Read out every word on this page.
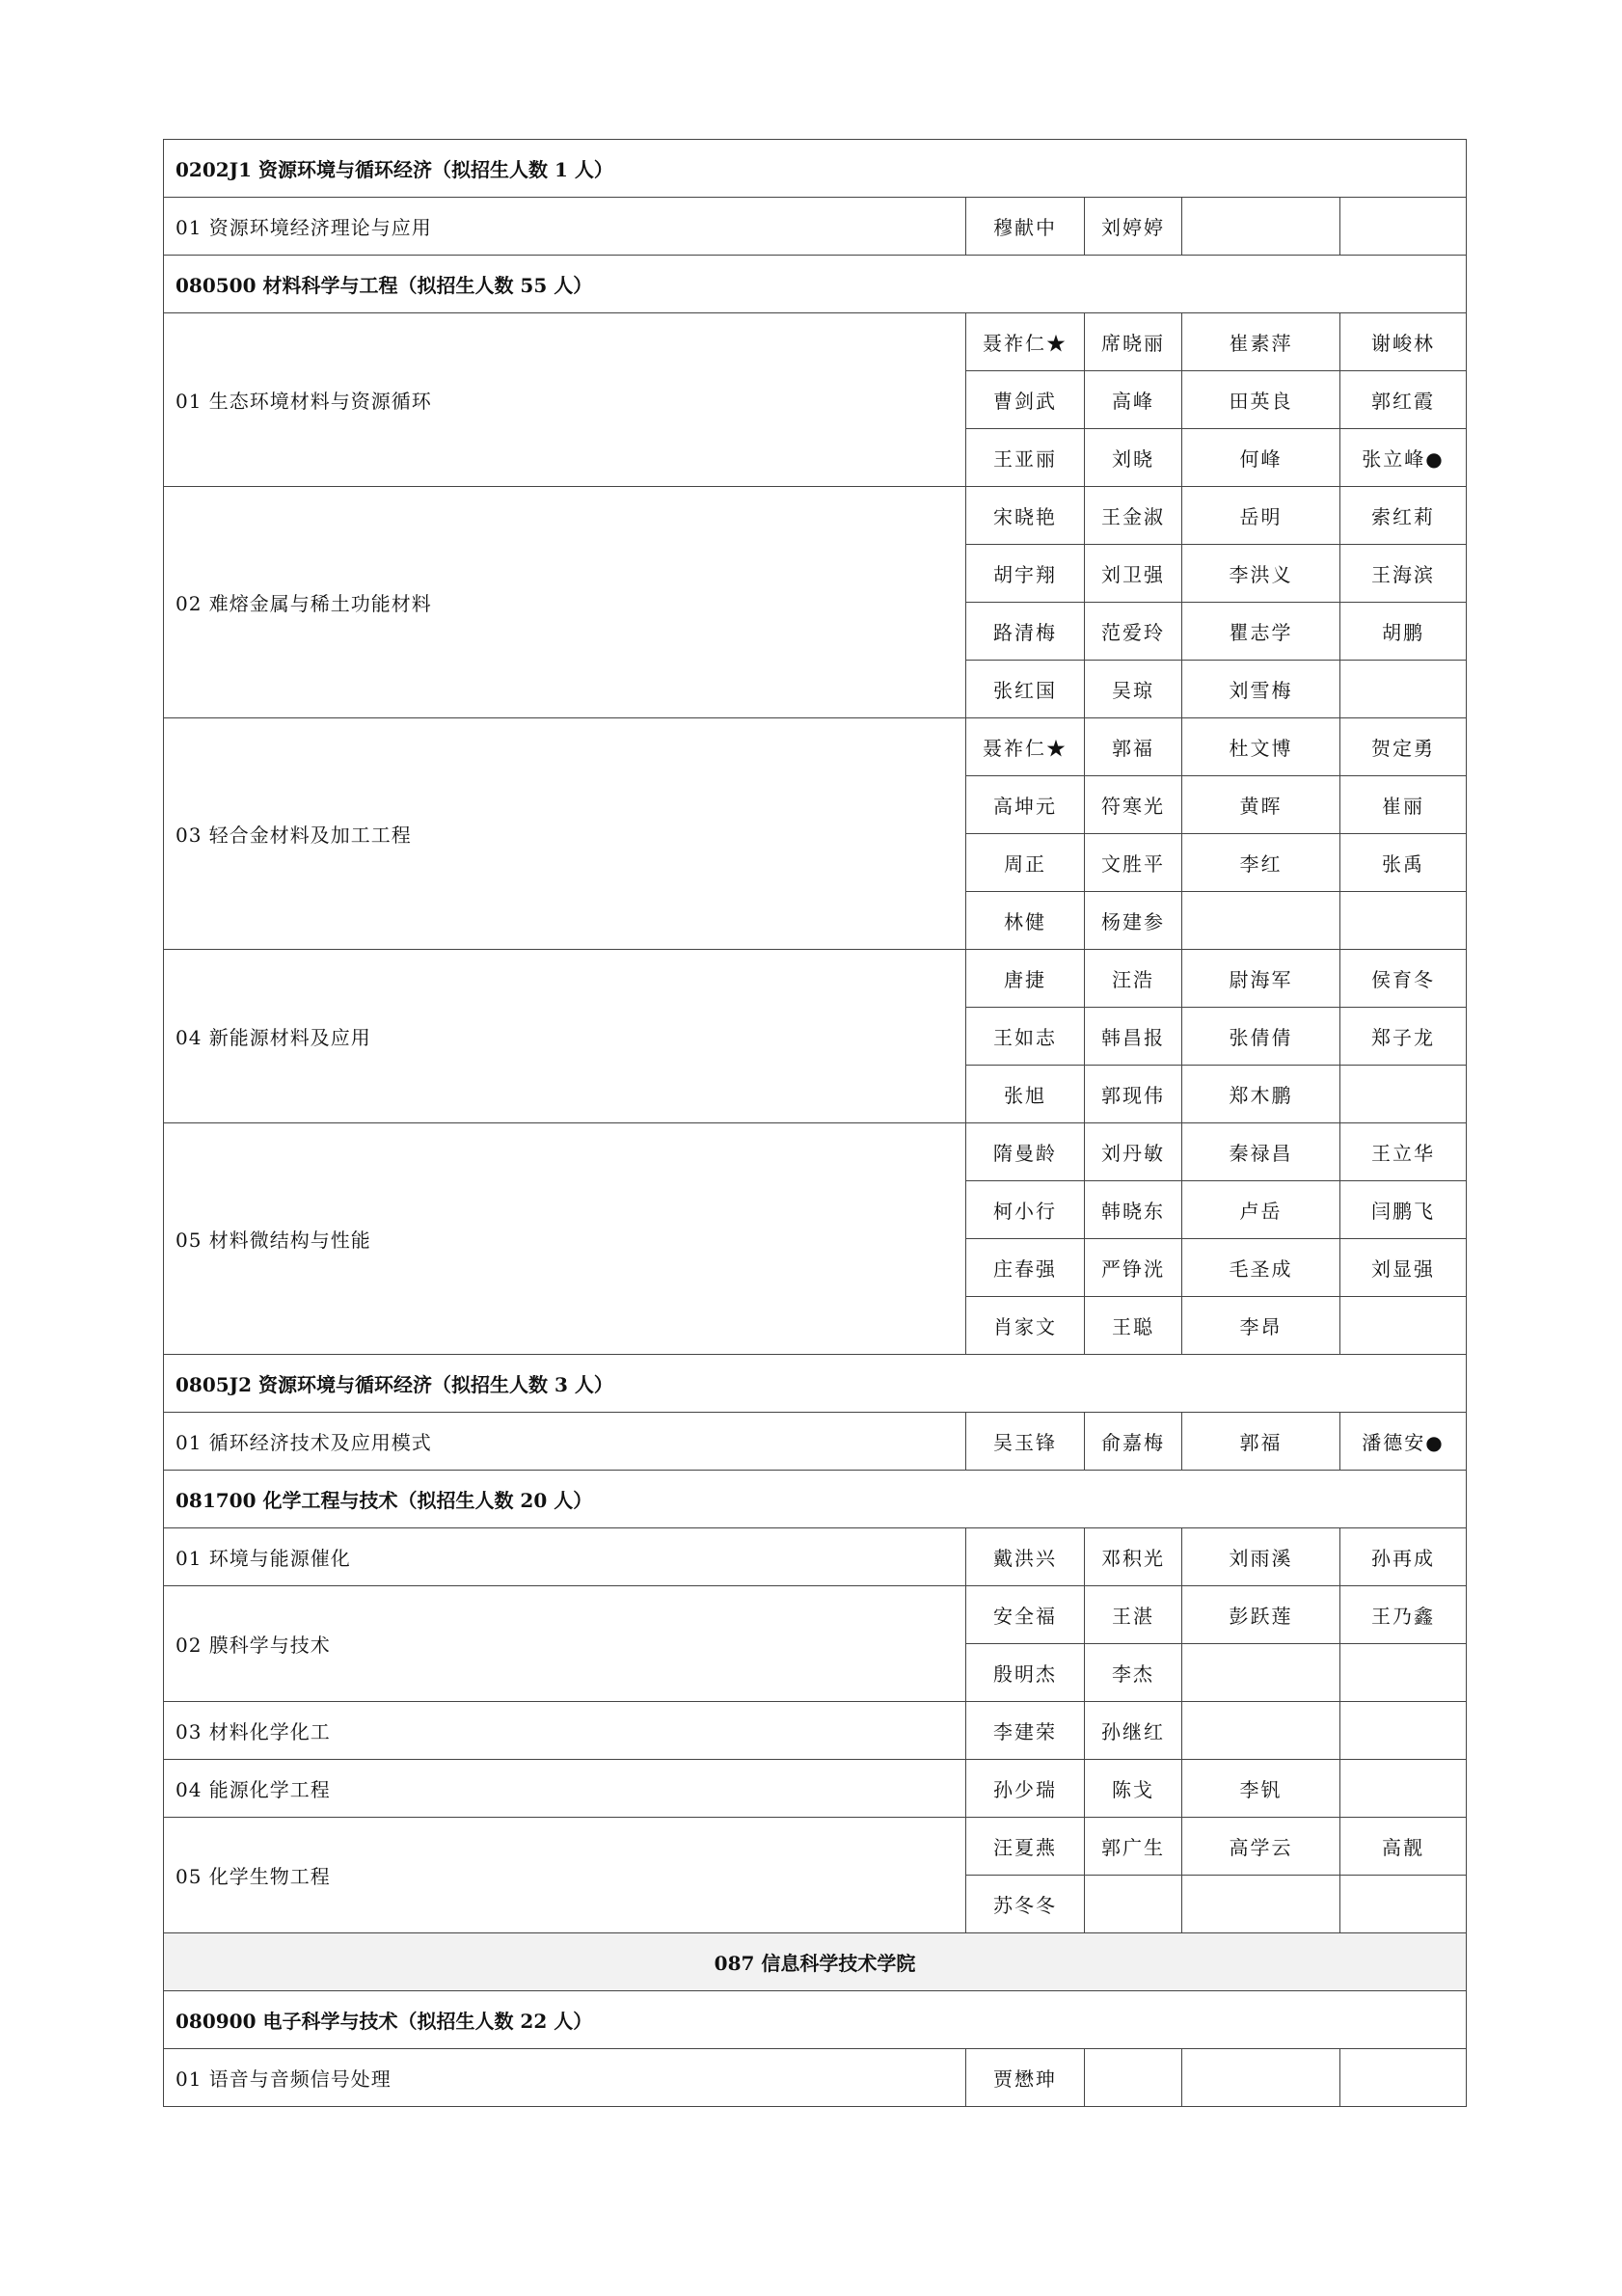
0202J1 资源环境与循环经济（拟招生人数 1 人）				
01 资源环境经济理论与应用	穆献中	刘婷婷		
080500 材料科学与工程（拟招生人数 55 人）				
01 生态环境材料与资源循环	聂祚仁★	席晓丽	崔素萍	谢峻林
	曹剑武	高峰	田英良	郭红霞
	王亚丽	刘晓	何峰	张立峰●
02 难熔金属与稀土功能材料	宋晓艳	王金淑	岳明	索红莉
	胡宇翔	刘卫强	李洪义	王海滨
	路清梅	范爱玲	瞿志学	胡鹏
	张红国	吴琼	刘雪梅	
03 轻合金材料及加工工程	聂祚仁★	郭福	杜文博	贺定勇
	高坤元	符寒光	黄晖	崔丽
	周正	文胜平	李红	张禹
	林健	杨建参		
04 新能源材料及应用	唐捷	汪浩	尉海军	侯育冬
	王如志	韩昌报	张倩倩	郑子龙
	张旭	郭现伟	郑木鹏	
05 材料微结构与性能	隋曼龄	刘丹敏	秦禄昌	王立华
	柯小行	韩晓东	卢岳	闫鹏飞
	庄春强	严铮洸	毛圣成	刘显强
	肖家文	王聪	李昂	
0805J2 资源环境与循环经济（拟招生人数 3 人）				
01 循环经济技术及应用模式	吴玉锋	俞嘉梅	郭福	潘德安●
081700 化学工程与技术（拟招生人数 20 人）				
01 环境与能源催化	戴洪兴	邓积光	刘雨溪	孙再成
02 膜科学与技术	安全福	王湛	彭跃莲	王乃鑫
	殷明杰	李杰		
03 材料化学化工	李建荣	孙继红		
04 能源化学工程	孙少瑞	陈戈	李钒	
05 化学生物工程	汪夏燕	郭广生	高学云	高靓
	苏冬冬			
087 信息科学技术学院				
080900 电子科学与技术（拟招生人数 22 人）				
01 语音与音频信号处理	贾懋珅			
